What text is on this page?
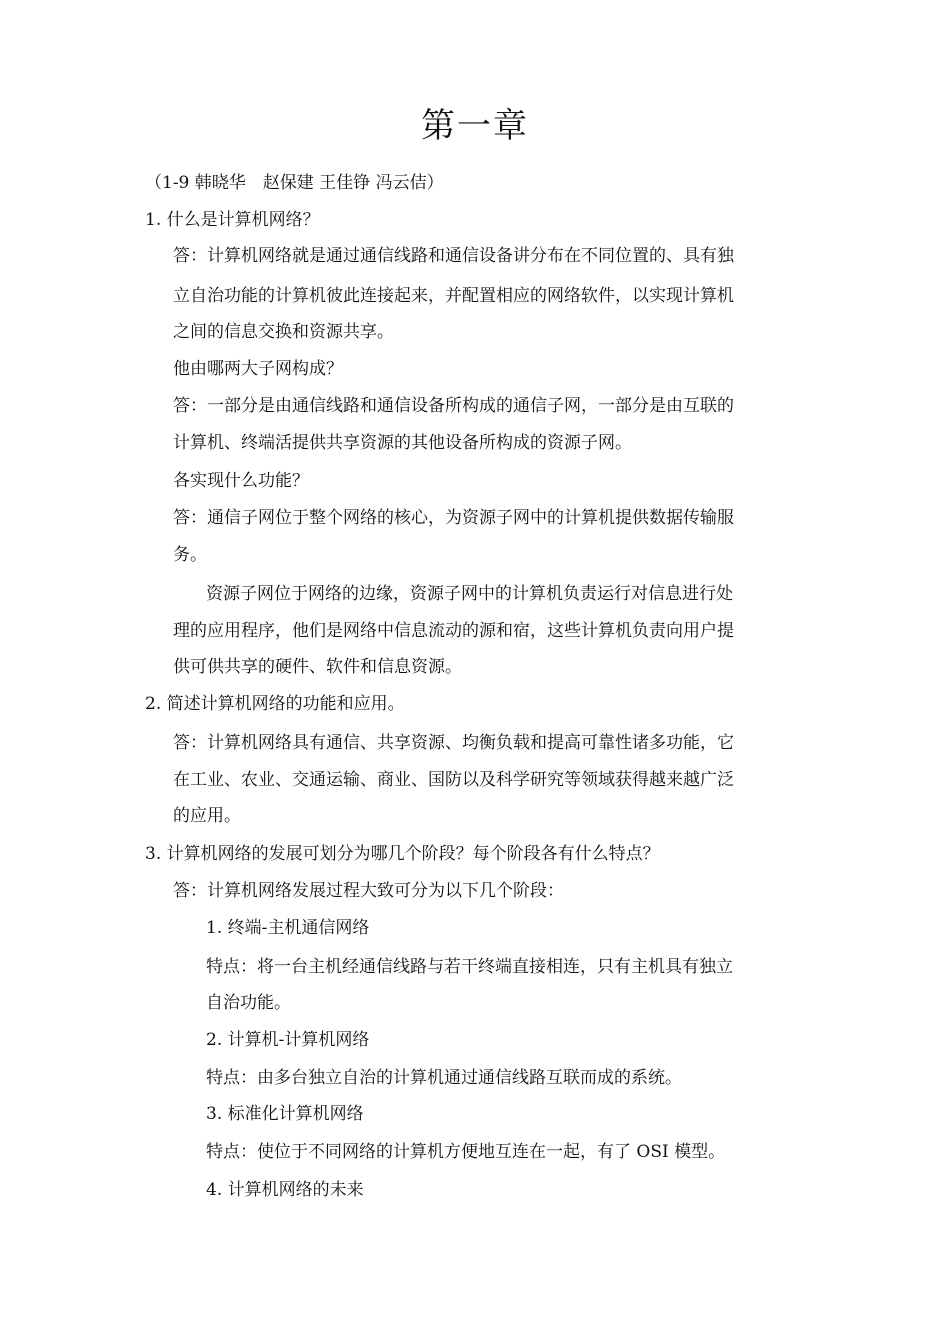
第一章
（1-9 韩晓华　赵保建 王佳铮 冯云佶）
1. 什么是计算机网络？
答：计算机网络就是通过通信线路和通信设备讲分布在不同位置的、具有独
立自治功能的计算机彼此连接起来，并配置相应的网络软件，以实现计算机
之间的信息交换和资源共享。
他由哪两大子网构成？
答：一部分是由通信线路和通信设备所构成的通信子网，一部分是由互联的
计算机、终端活提供共享资源的其他设备所构成的资源子网。
各实现什么功能？
答：通信子网位于整个网络的核心，为资源子网中的计算机提供数据传输服
务。
资源子网位于网络的边缘，资源子网中的计算机负责运行对信息进行处
理的应用程序，他们是网络中信息流动的源和宿，这些计算机负责向用户提
供可供共享的硬件、软件和信息资源。
2. 简述计算机网络的功能和应用。
答：计算机网络具有通信、共享资源、均衡负载和提高可靠性诸多功能，它
在工业、农业、交通运输、商业、国防以及科学研究等领域获得越来越广泛
的应用。
3. 计算机网络的发展可划分为哪几个阶段？每个阶段各有什么特点？
答：计算机网络发展过程大致可分为以下几个阶段：
1. 终端-主机通信网络
特点：将一台主机经通信线路与若干终端直接相连，只有主机具有独立
自治功能。
2. 计算机-计算机网络
特点：由多台独立自治的计算机通过通信线路互联而成的系统。
3. 标准化计算机网络
特点：使位于不同网络的计算机方便地互连在一起，有了 OSI 模型。
4. 计算机网络的未来
